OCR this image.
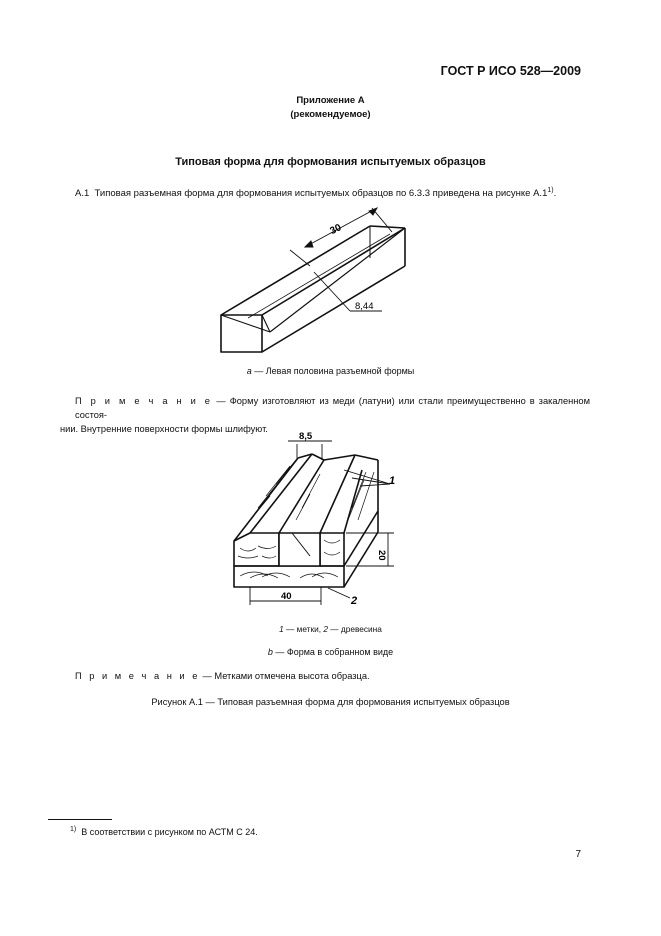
ГОСТ Р ИСО 528—2009
Приложение А
(рекомендуемое)
Типовая форма для формования испытуемых образцов
А.1 Типовая разъемная форма для формования испытуемых образцов по 6.3.3 приведена на рисунке А.1$^{1)}$.
30
8,44
a — Левая половина разъемной формы
П р и м е ч а н и е — Форму изготовляют из меди (латуни) или стали преимущественно в закаленном состоя-
нии. Внутренние поверхности формы шлифуют.
8,5
20
40
1
2
1 — метки, 2 — древесина
b — Форма в собранном виде
П р и м е ч а н и е — Метками отмечена высота образца.
Рисунок А.1 — Типовая разъемная форма для формования испытуемых образцов
$^{1)}$ В соответствии с рисунком по АСТМ С 24.
7
